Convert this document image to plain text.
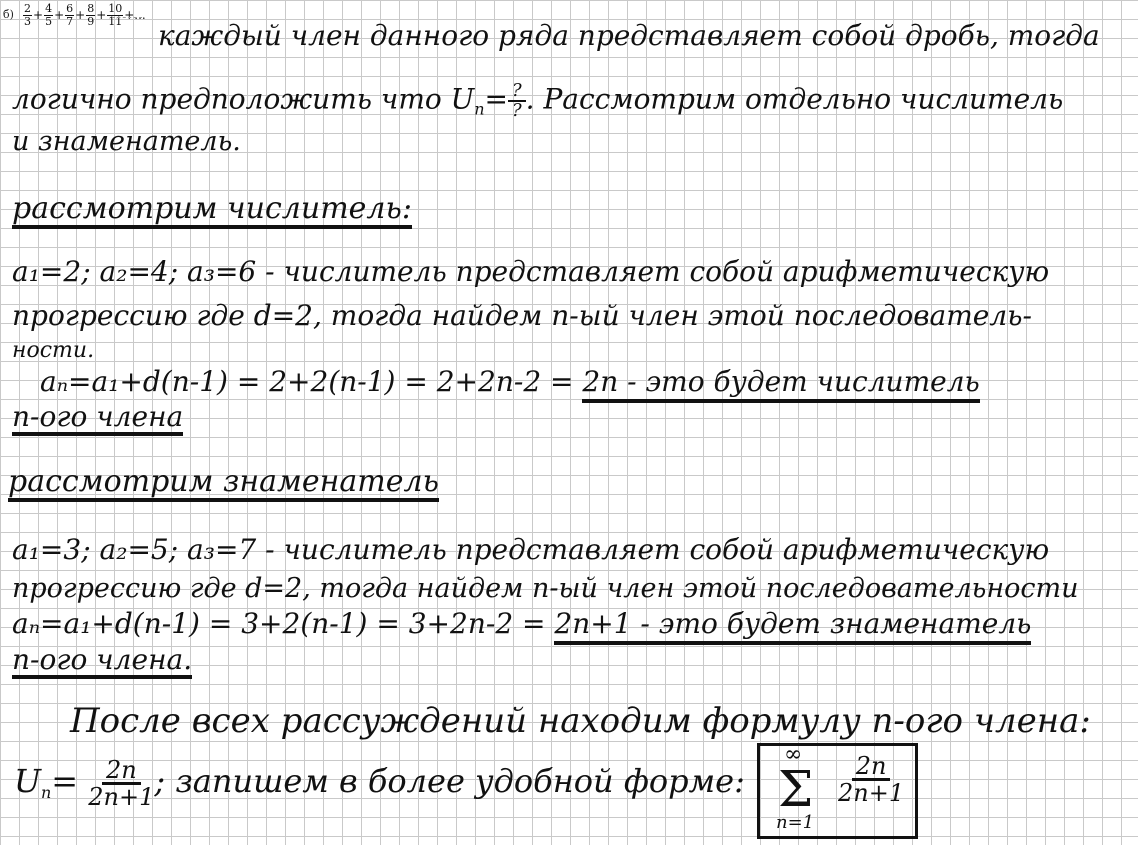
$б) \frac{2}{3} + \frac{4}{5} + \frac{6}{7} + \frac{8}{9} + \frac{10}{11}$ +...
каждый член данного ряда представляет собой дробь, тогда
логично предположить что $U_n= \frac{?}{?}$ . Рассмотрим отдельно числитель
и знаменатель.
рассмотрим числитель:
a₁=2; a₂=4; a₃=6 - числитель представляет собой арифметическую
прогрессию где d=2, тогда найдем n-ый член этой последователь-
ности.
aₙ=a₁+d(n-1) = 2+2(n-1) = 2+2n-2 = 2n - это будет числитель
n-ого члена
рассмотрим знаменатель
a₁=3; a₂=5; a₃=7 - числитель представляет собой арифметическую
прогрессию где d=2, тогда найдем n-ый член этой последовательности
aₙ=a₁+d(n-1) = 3+2(n-1) = 3+2n-2 = 2n+1 - это будет знаменатель
n-ого члена.
После всех рассуждений находим формулу n-ого члена:
$U_n= \frac{2n}{2n+1}$ ; запишем в более удобной форме:
∞
Σ
n=1
$\frac{2n}{2n+1}$
